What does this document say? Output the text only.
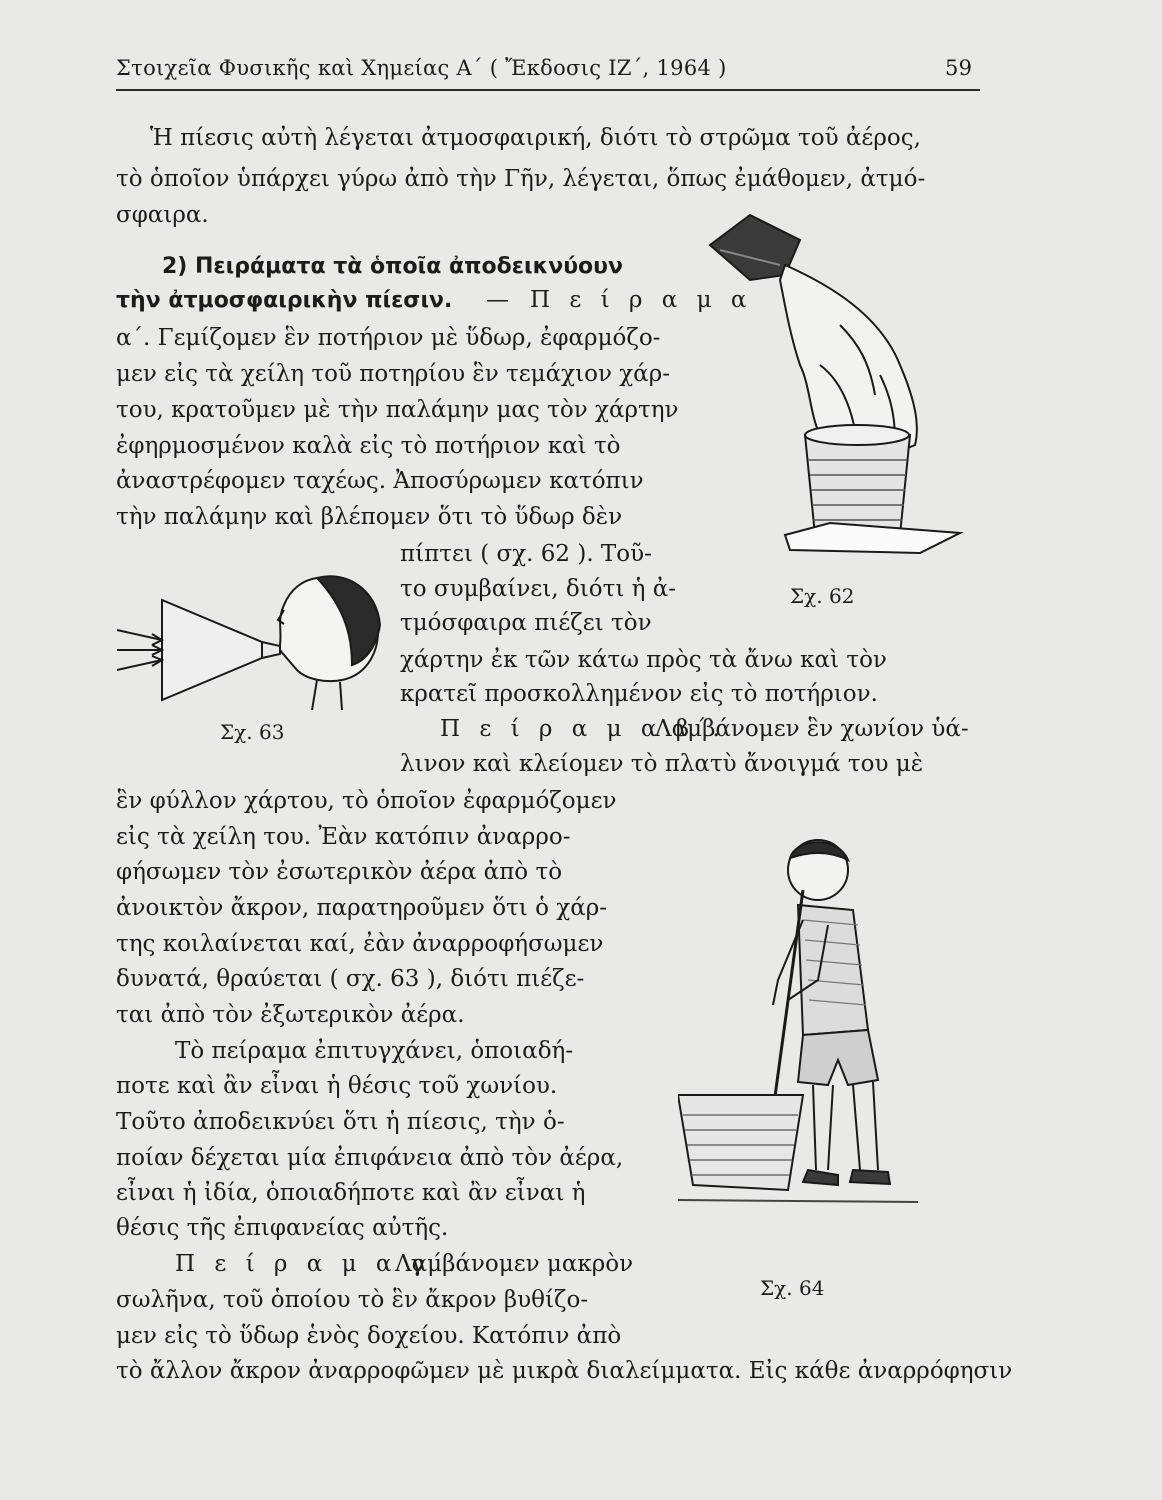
Στοιχεῖα Φυσικῆς καὶ Χημείας Α΄ ( Ἔκδοσις ΙΖ΄, 1964 )	59
Ἡ πίεσις αὐτὴ λέγεται ἀτμοσφαιρική, διότι τὸ στρῶμα τοῦ ἀέρος,
τὸ ὁποῖον ὑπάρχει γύρω ἀπὸ τὴν Γῆν, λέγεται, ὅπως ἐμάθομεν, ἀτμό-
σφαιρα.
2) Πειράματα τὰ ὁποῖα ἀποδεικνύουν
τὴν ἀτμοσφαιρικὴν πίεσιν. — Π ε ί ρ α μ α
α΄. Γεμίζομεν ἓν ποτήριον μὲ ὕδωρ, ἐφαρμόζο-
μεν εἰς τὰ χείλη τοῦ ποτηρίου ἓν τεμάχιον χάρ-
του, κρατοῦμεν μὲ τὴν παλάμην μας τὸν χάρτην
ἐφηρμοσμένον καλὰ εἰς τὸ ποτήριον καὶ τὸ
ἀναστρέφομεν ταχέως. Ἀποσύρωμεν κατόπιν
τὴν παλάμην καὶ βλέπομεν ὅτι τὸ ὕδωρ δὲν
πίπτει ( σχ. 62 ). Τοῦ-
το συμβαίνει, διότι ἡ ἀ-
τμόσφαιρα πιέζει τὸν
χάρτην ἐκ τῶν κάτω πρὸς τὰ ἄνω καὶ τὸν
κρατεῖ προσκολλημένον εἰς τὸ ποτήριον.
Π ε ί ρ α μ α β΄.
Λαμβάνομεν ἓν χωνίον ὑά-
λινον καὶ κλείομεν τὸ πλατὺ ἄνοιγμά του μὲ
ἓν φύλλον χάρτου, τὸ ὁποῖον ἐφαρμόζομεν
εἰς τὰ χείλη του. Ἐὰν κατόπιν ἀναρρο-
φήσωμεν τὸν ἐσωτερικὸν ἀέρα ἀπὸ τὸ
ἀνοικτὸν ἄκρον, παρατηροῦμεν ὅτι ὁ χάρ-
της κοιλαίνεται καί, ἐὰν ἀναρροφήσωμεν
δυνατά, θραύεται ( σχ. 63 ), διότι πιέζε-
ται ἀπὸ τὸν ἐξωτερικὸν ἀέρα.
Τὸ πείραμα ἐπιτυγχάνει, ὁποιαδή-
ποτε καὶ ἂν εἶναι ἡ θέσις τοῦ χωνίου.
Τοῦτο ἀποδεικνύει ὅτι ἡ πίεσις, τὴν ὁ-
ποίαν δέχεται μία ἐπιφάνεια ἀπὸ τὸν ἀέρα,
εἶναι ἡ ἰδία, ὁποιαδήποτε καὶ ἂν εἶναι ἡ
θέσις τῆς ἐπιφανείας αὐτῆς.
Π ε ί ρ α μ α γ΄.
Λαμβάνομεν μακρὸν
σωλῆνα, τοῦ ὁποίου τὸ ἓν ἄκρον βυθίζο-
μεν εἰς τὸ ὕδωρ ἑνὸς δοχείου. Κατόπιν ἀπὸ
τὸ ἄλλον ἄκρον ἀναρροφῶμεν μὲ μικρὰ διαλείμματα. Εἰς κάθε ἀναρρόφησιν
Σχ. 62
Σχ. 63
Σχ. 64
